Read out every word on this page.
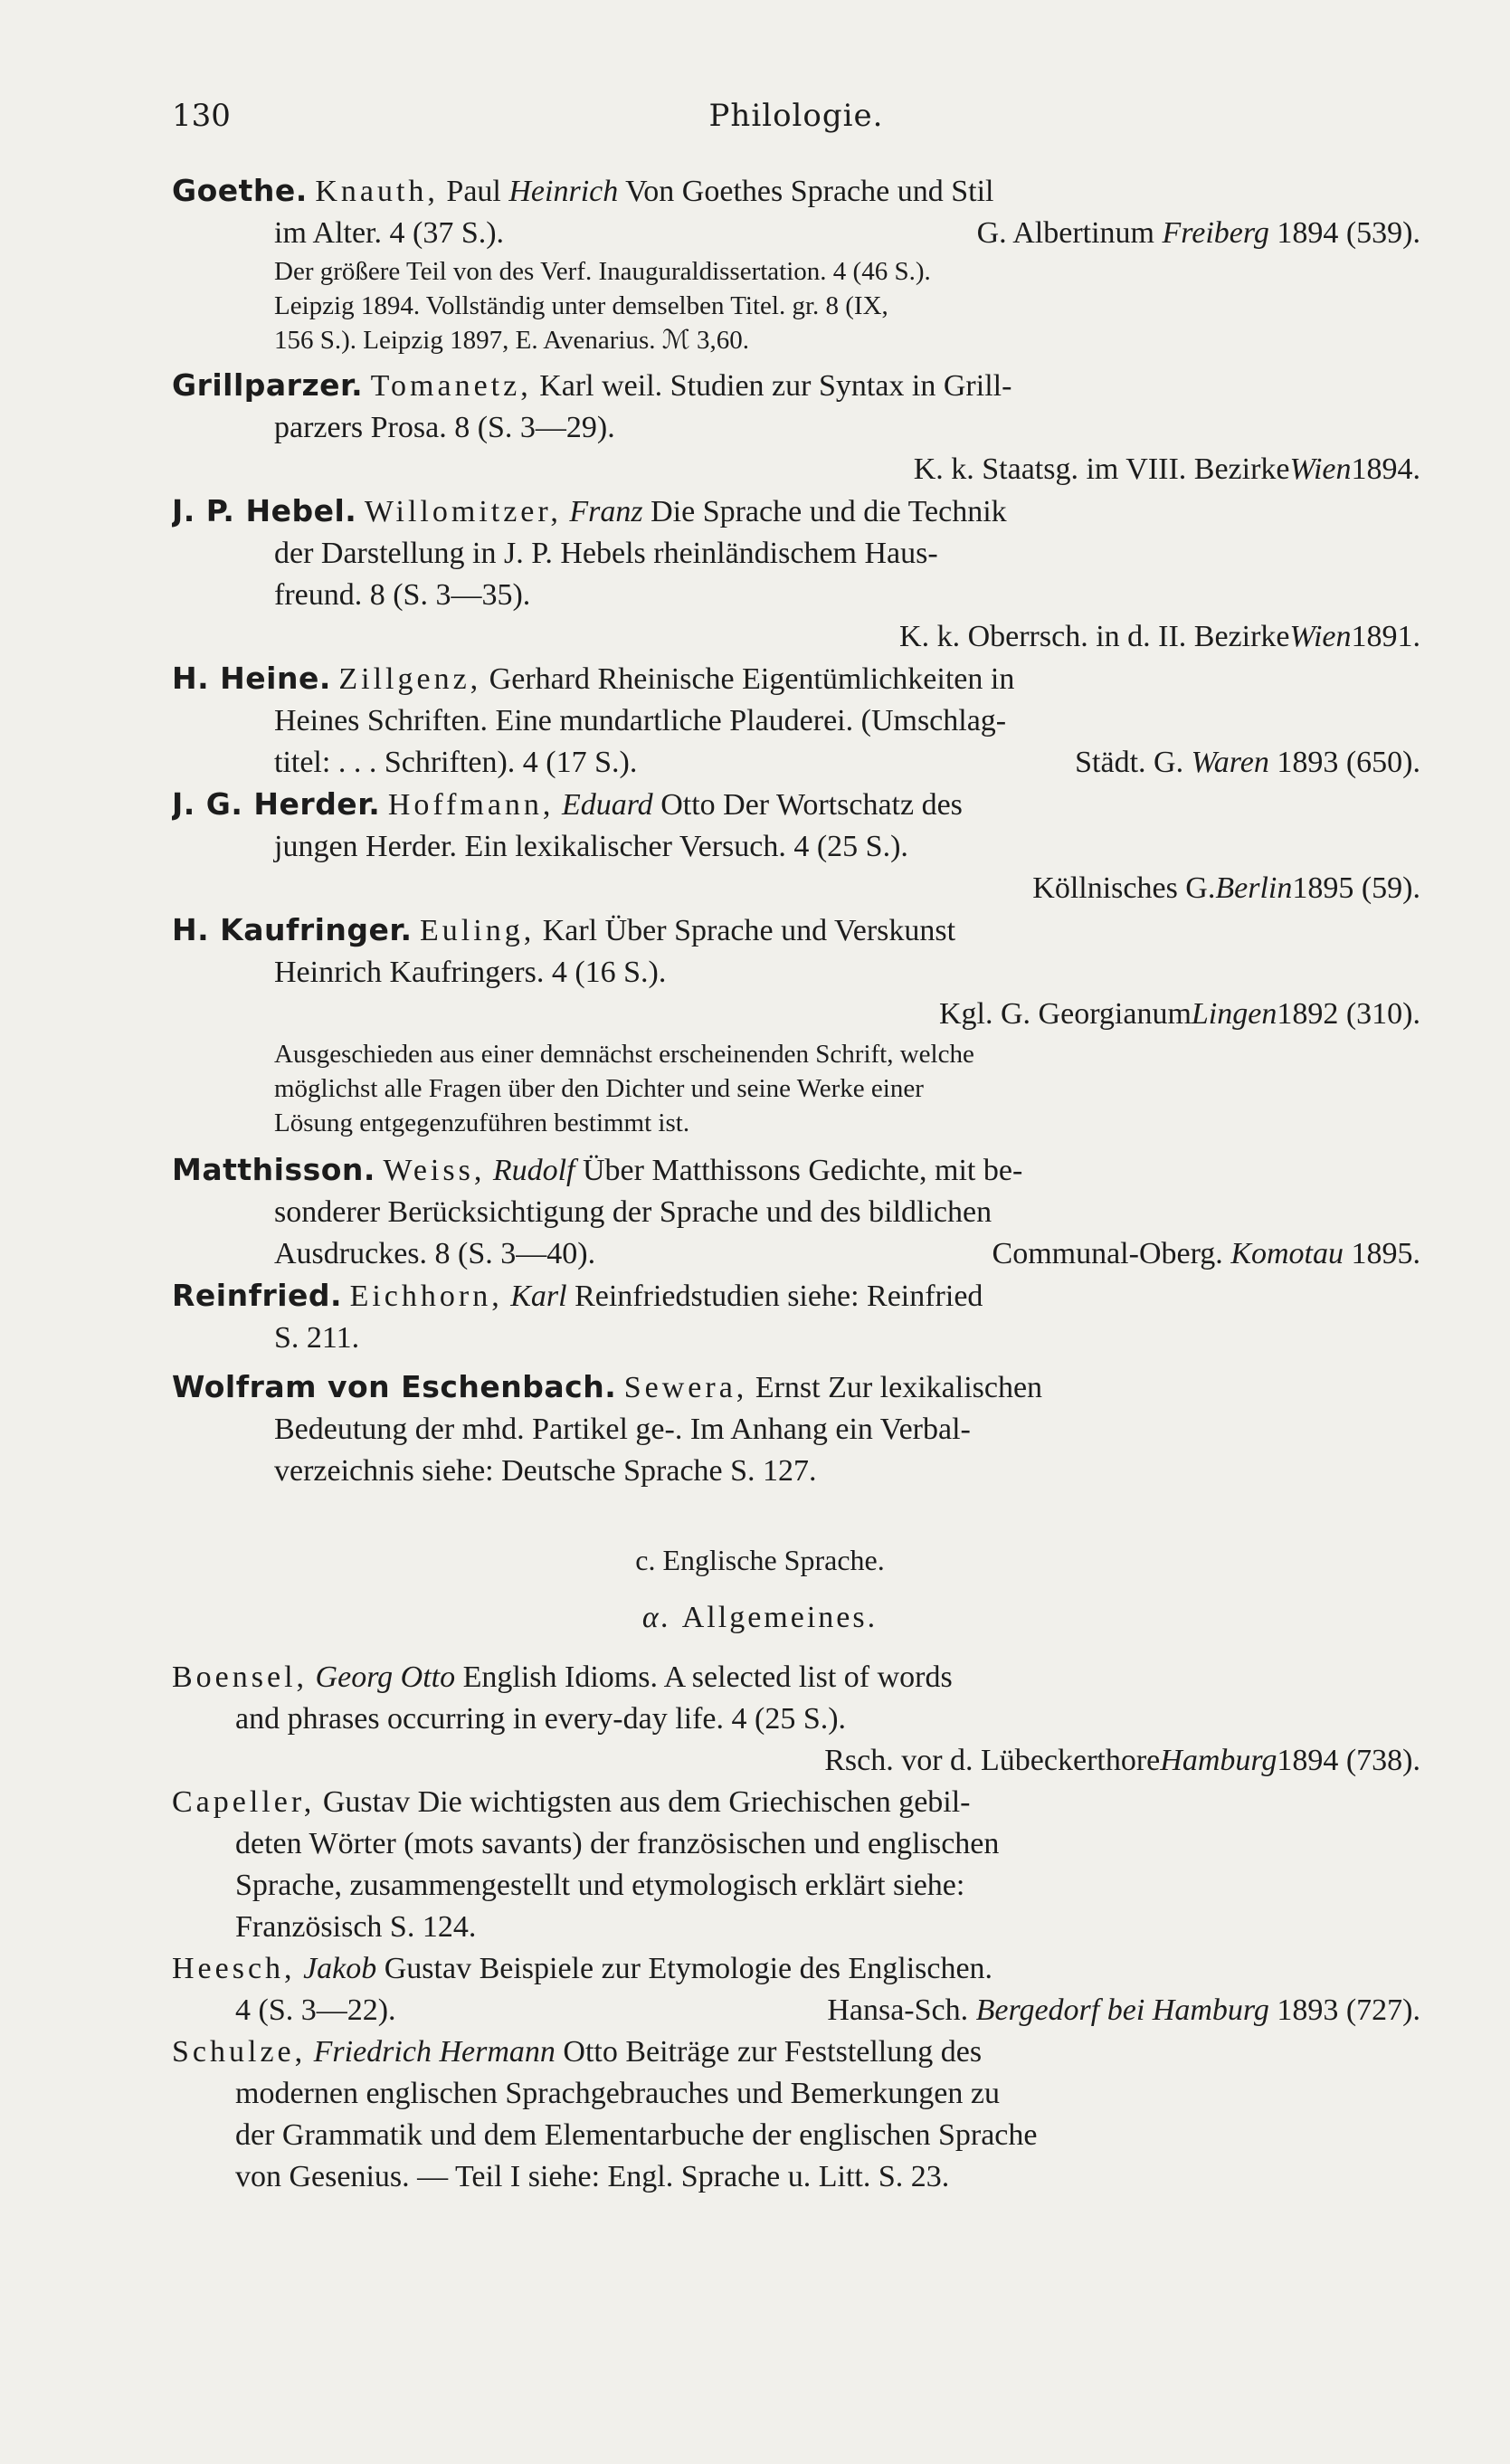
130	Philologie.
Goethe. Knauth, Paul Heinrich Von Goethes Sprache und Stil
im Alter. 4 (37 S.).	G. Albertinum Freiberg 1894 (539).
Der größere Teil von des Verf. Inauguraldissertation. 4 (46 S.).
Leipzig 1894. Vollständig unter demselben Titel. gr. 8 (IX,
156 S.). Leipzig 1897, E. Avenarius. ℳ 3,60.
Grillparzer. Tomanetz, Karl weil. Studien zur Syntax in Grill-
parzers Prosa. 8 (S. 3—29).
K. k. Staatsg. im VIII. Bezirke Wien 1894.
J. P. Hebel. Willomitzer, Franz Die Sprache und die Technik
der Darstellung in J. P. Hebels rheinländischem Haus-
freund. 8 (S. 3—35).
K. k. Oberrsch. in d. II. Bezirke Wien 1891.
H. Heine. Zillgenz, Gerhard Rheinische Eigentümlichkeiten in
Heines Schriften. Eine mundartliche Plauderei. (Umschlag-
titel: . . . Schriften). 4 (17 S.).	Städt. G. Waren 1893 (650).
J. G. Herder. Hoffmann, Eduard Otto Der Wortschatz des
jungen Herder. Ein lexikalischer Versuch. 4 (25 S.).
Köllnisches G. Berlin 1895 (59).
H. Kaufringer. Euling, Karl Über Sprache und Verskunst
Heinrich Kaufringers. 4 (16 S.).
Kgl. G. Georgianum Lingen 1892 (310).
Ausgeschieden aus einer demnächst erscheinenden Schrift, welche
möglichst alle Fragen über den Dichter und seine Werke einer
Lösung entgegenzuführen bestimmt ist.
Matthisson. Weiss, Rudolf Über Matthissons Gedichte, mit be-
sonderer Berücksichtigung der Sprache und des bildlichen
Ausdruckes. 8 (S. 3—40).	Communal-Oberg. Komotau 1895.
Reinfried. Eichhorn, Karl Reinfriedstudien siehe: Reinfried
S. 211.
Wolfram von Eschenbach. Sewera, Ernst Zur lexikalischen
Bedeutung der mhd. Partikel ge-. Im Anhang ein Verbal-
verzeichnis siehe: Deutsche Sprache S. 127.
c. Englische Sprache.
α. Allgemeines.
Boensel, Georg Otto English Idioms. A selected list of words
and phrases occurring in every-day life. 4 (25 S.).
Rsch. vor d. Lübeckerthore Hamburg 1894 (738).
Capeller, Gustav Die wichtigsten aus dem Griechischen gebil-
deten Wörter (mots savants) der französischen und englischen
Sprache, zusammengestellt und etymologisch erklärt siehe:
Französisch S. 124.
Heesch, Jakob Gustav Beispiele zur Etymologie des Englischen.
4 (S. 3—22).	Hansa-Sch. Bergedorf bei Hamburg 1893 (727).
Schulze, Friedrich Hermann Otto Beiträge zur Feststellung des
modernen englischen Sprachgebrauches und Bemerkungen zu
der Grammatik und dem Elementarbuche der englischen Sprache
von Gesenius. — Teil I siehe: Engl. Sprache u. Litt. S. 23.
